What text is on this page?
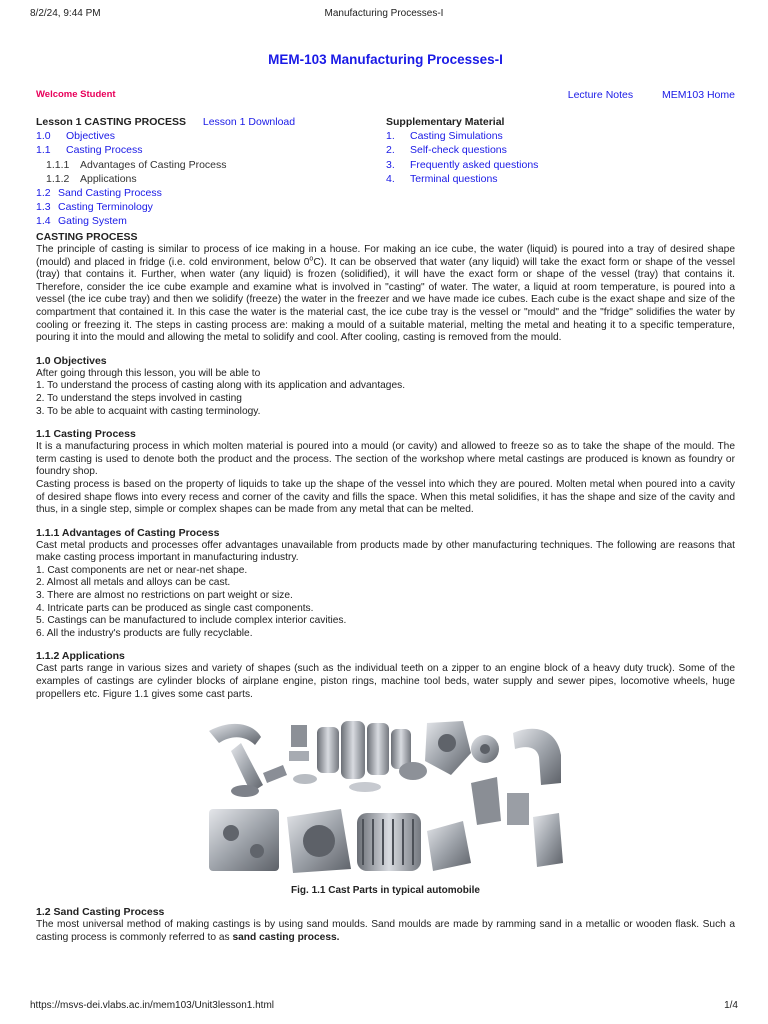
8/2/24, 9:44 PM	Manufacturing Processes-I
MEM-103 Manufacturing Processes-I
Welcome Student	Lecture Notes	MEM103 Home
Lesson 1 CASTING PROCESS Lesson 1 Download
1.0 Objectives
1.1 Casting Process
1.1.1 Advantages of Casting Process
1.1.2 Applications
1.2 Sand Casting Process
1.3 Casting Terminology
1.4 Gating System
Supplementary Material
1. Casting Simulations
2. Self-check questions
3. Frequently asked questions
4. Terminal questions
CASTING PROCESS

The principle of casting is similar to process of ice making in a house. For making an ice cube, the water (liquid) is poured into a tray of desired shape (mould) and placed in fridge (i.e. cold environment, below 0$^o$C). It can be observed that water (any liquid) will take the exact form or shape of the vessel (tray) that contains it. Further, when water (any liquid) is frozen (solidified), it will have the exact form or shape of the vessel (tray) that contains it. Therefore, consider the ice cube example and examine what is involved in "casting" of water. The water, a liquid at room temperature, is poured into a vessel (the ice cube tray) and then we solidify (freeze) the water in the freezer and we have made ice cubes. Each cube is the exact shape and size of the compartment that contained it. In this case the water is the material cast, the ice cube tray is the vessel or "mould" and the "fridge" solidifies the water by cooling or freezing it. The steps in casting process are: making a mould of a suitable material, melting the metal and heating it to a specific temperature, pouring it into the mould and allowing the metal to solidify and cool. After cooling, casting is removed from the mould.

1.0 Objectives

After going through this lesson, you will be able to

1. To understand the process of casting along with its application and advantages.

2. To understand the steps involved in casting

3. To be able to acquaint with casting terminology.

1.1 Casting Process

It is a manufacturing process in which molten material is poured into a mould (or cavity) and allowed to freeze so as to take the shape of the mould. The term casting is used to denote both the product and the process. The section of the workshop where metal castings are produced is known as foundry or foundry shop.

Casting process is based on the property of liquids to take up the shape of the vessel into which they are poured. Molten metal when poured into a cavity of desired shape flows into every recess and corner of the cavity and fills the space. When this metal solidifies, it has the shape and size of the cavity and thus, in a single step, simple or complex shapes can be made from any metal that can be melted.

1.1.1 Advantages of Casting Process

Cast metal products and processes offer advantages unavailable from products made by other manufacturing techniques. The following are reasons that make casting process important in manufacturing industry.

1. Cast components are net or near-net shape.

2. Almost all metals and alloys can be cast.

3. There are almost no restrictions on part weight or size.

4. Intricate parts can be produced as single cast components.

5. Castings can be manufactured to include complex interior cavities.

6. All the industry's products are fully recyclable.

1.1.2 Applications

Cast parts range in various sizes and variety of shapes (such as the individual teeth on a zipper to an engine block of a heavy duty truck). Some of the examples of castings are cylinder blocks of airplane engine, piston rings, machine tool beds, water supply and sewer pipes, locomotive wheels, huge propellers etc. Figure 1.1 gives some cast parts.

Fig. 1.1 Cast Parts in typical automobile
1.2 Sand Casting Process

The most universal method of making castings is by using sand moulds. Sand moulds are made by ramming sand in a metallic or wooden flask. Such a casting process is commonly referred to as sand casting process.

https://msvs-dei.vlabs.ac.in/mem103/Unit3lesson1.html	1/4
